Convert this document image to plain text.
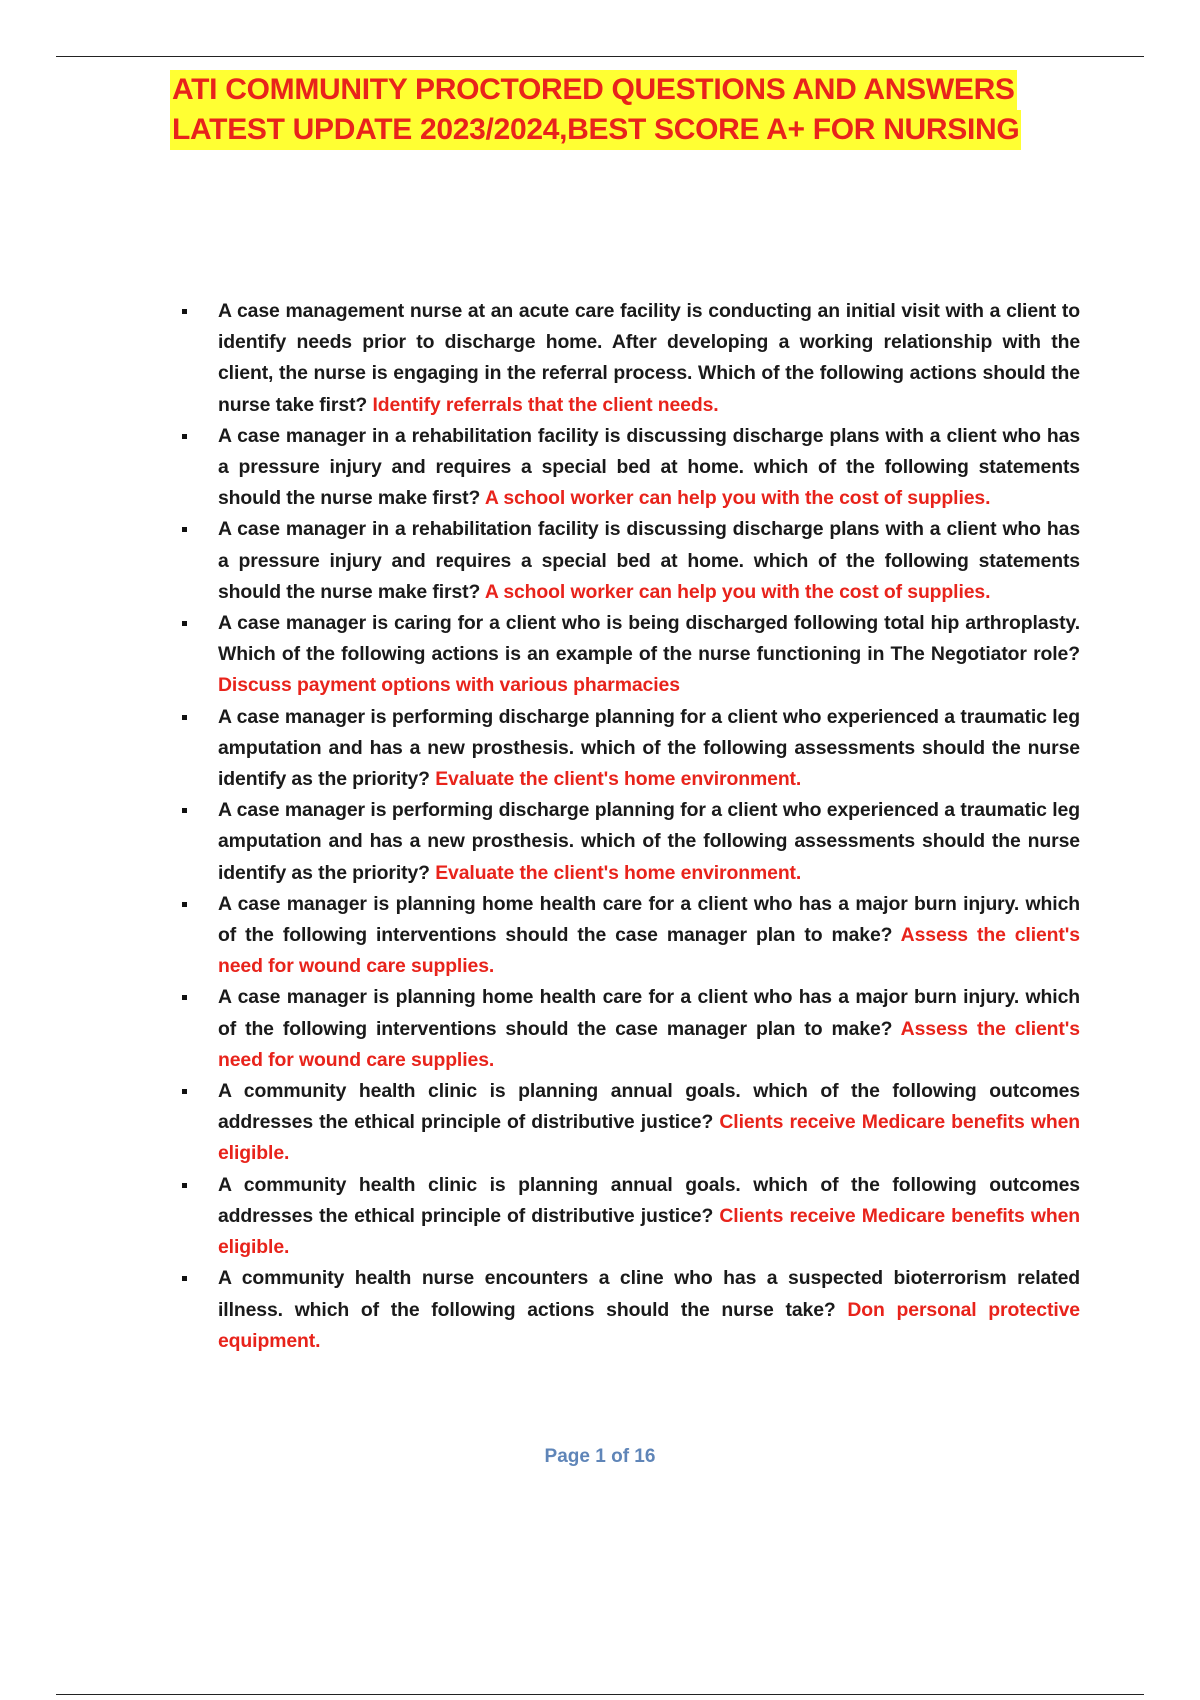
ATI COMMUNITY PROCTORED QUESTIONS AND ANSWERS
LATEST UPDATE 2023/2024,BEST SCORE A+ FOR NURSING
A case management nurse at an acute care facility is conducting an initial visit with a client to identify needs prior to discharge home. After developing a working relationship with the client, the nurse is engaging in the referral process. Which of the following actions should the nurse take first? Identify referrals that the client needs.
A case manager in a rehabilitation facility is discussing discharge plans with a client who has a pressure injury and requires a special bed at home. which of the following statements should the nurse make first? A school worker can help you with the cost of supplies.
A case manager in a rehabilitation facility is discussing discharge plans with a client who has a pressure injury and requires a special bed at home. which of the following statements should the nurse make first? A school worker can help you with the cost of supplies.
A case manager is caring for a client who is being discharged following total hip arthroplasty. Which of the following actions is an example of the nurse functioning in The Negotiator role? Discuss payment options with various pharmacies
A case manager is performing discharge planning for a client who experienced a traumatic leg amputation and has a new prosthesis. which of the following assessments should the nurse identify as the priority? Evaluate the client's home environment.
A case manager is performing discharge planning for a client who experienced a traumatic leg amputation and has a new prosthesis. which of the following assessments should the nurse identify as the priority? Evaluate the client's home environment.
A case manager is planning home health care for a client who has a major burn injury. which of the following interventions should the case manager plan to make? Assess the client's need for wound care supplies.
A case manager is planning home health care for a client who has a major burn injury. which of the following interventions should the case manager plan to make? Assess the client's need for wound care supplies.
A community health clinic is planning annual goals. which of the following outcomes addresses the ethical principle of distributive justice? Clients receive Medicare benefits when eligible.
A community health clinic is planning annual goals. which of the following outcomes addresses the ethical principle of distributive justice? Clients receive Medicare benefits when eligible.
A community health nurse encounters a cline who has a suspected bioterrorism related illness. which of the following actions should the nurse take? Don personal protective equipment.
Page 1 of 16
